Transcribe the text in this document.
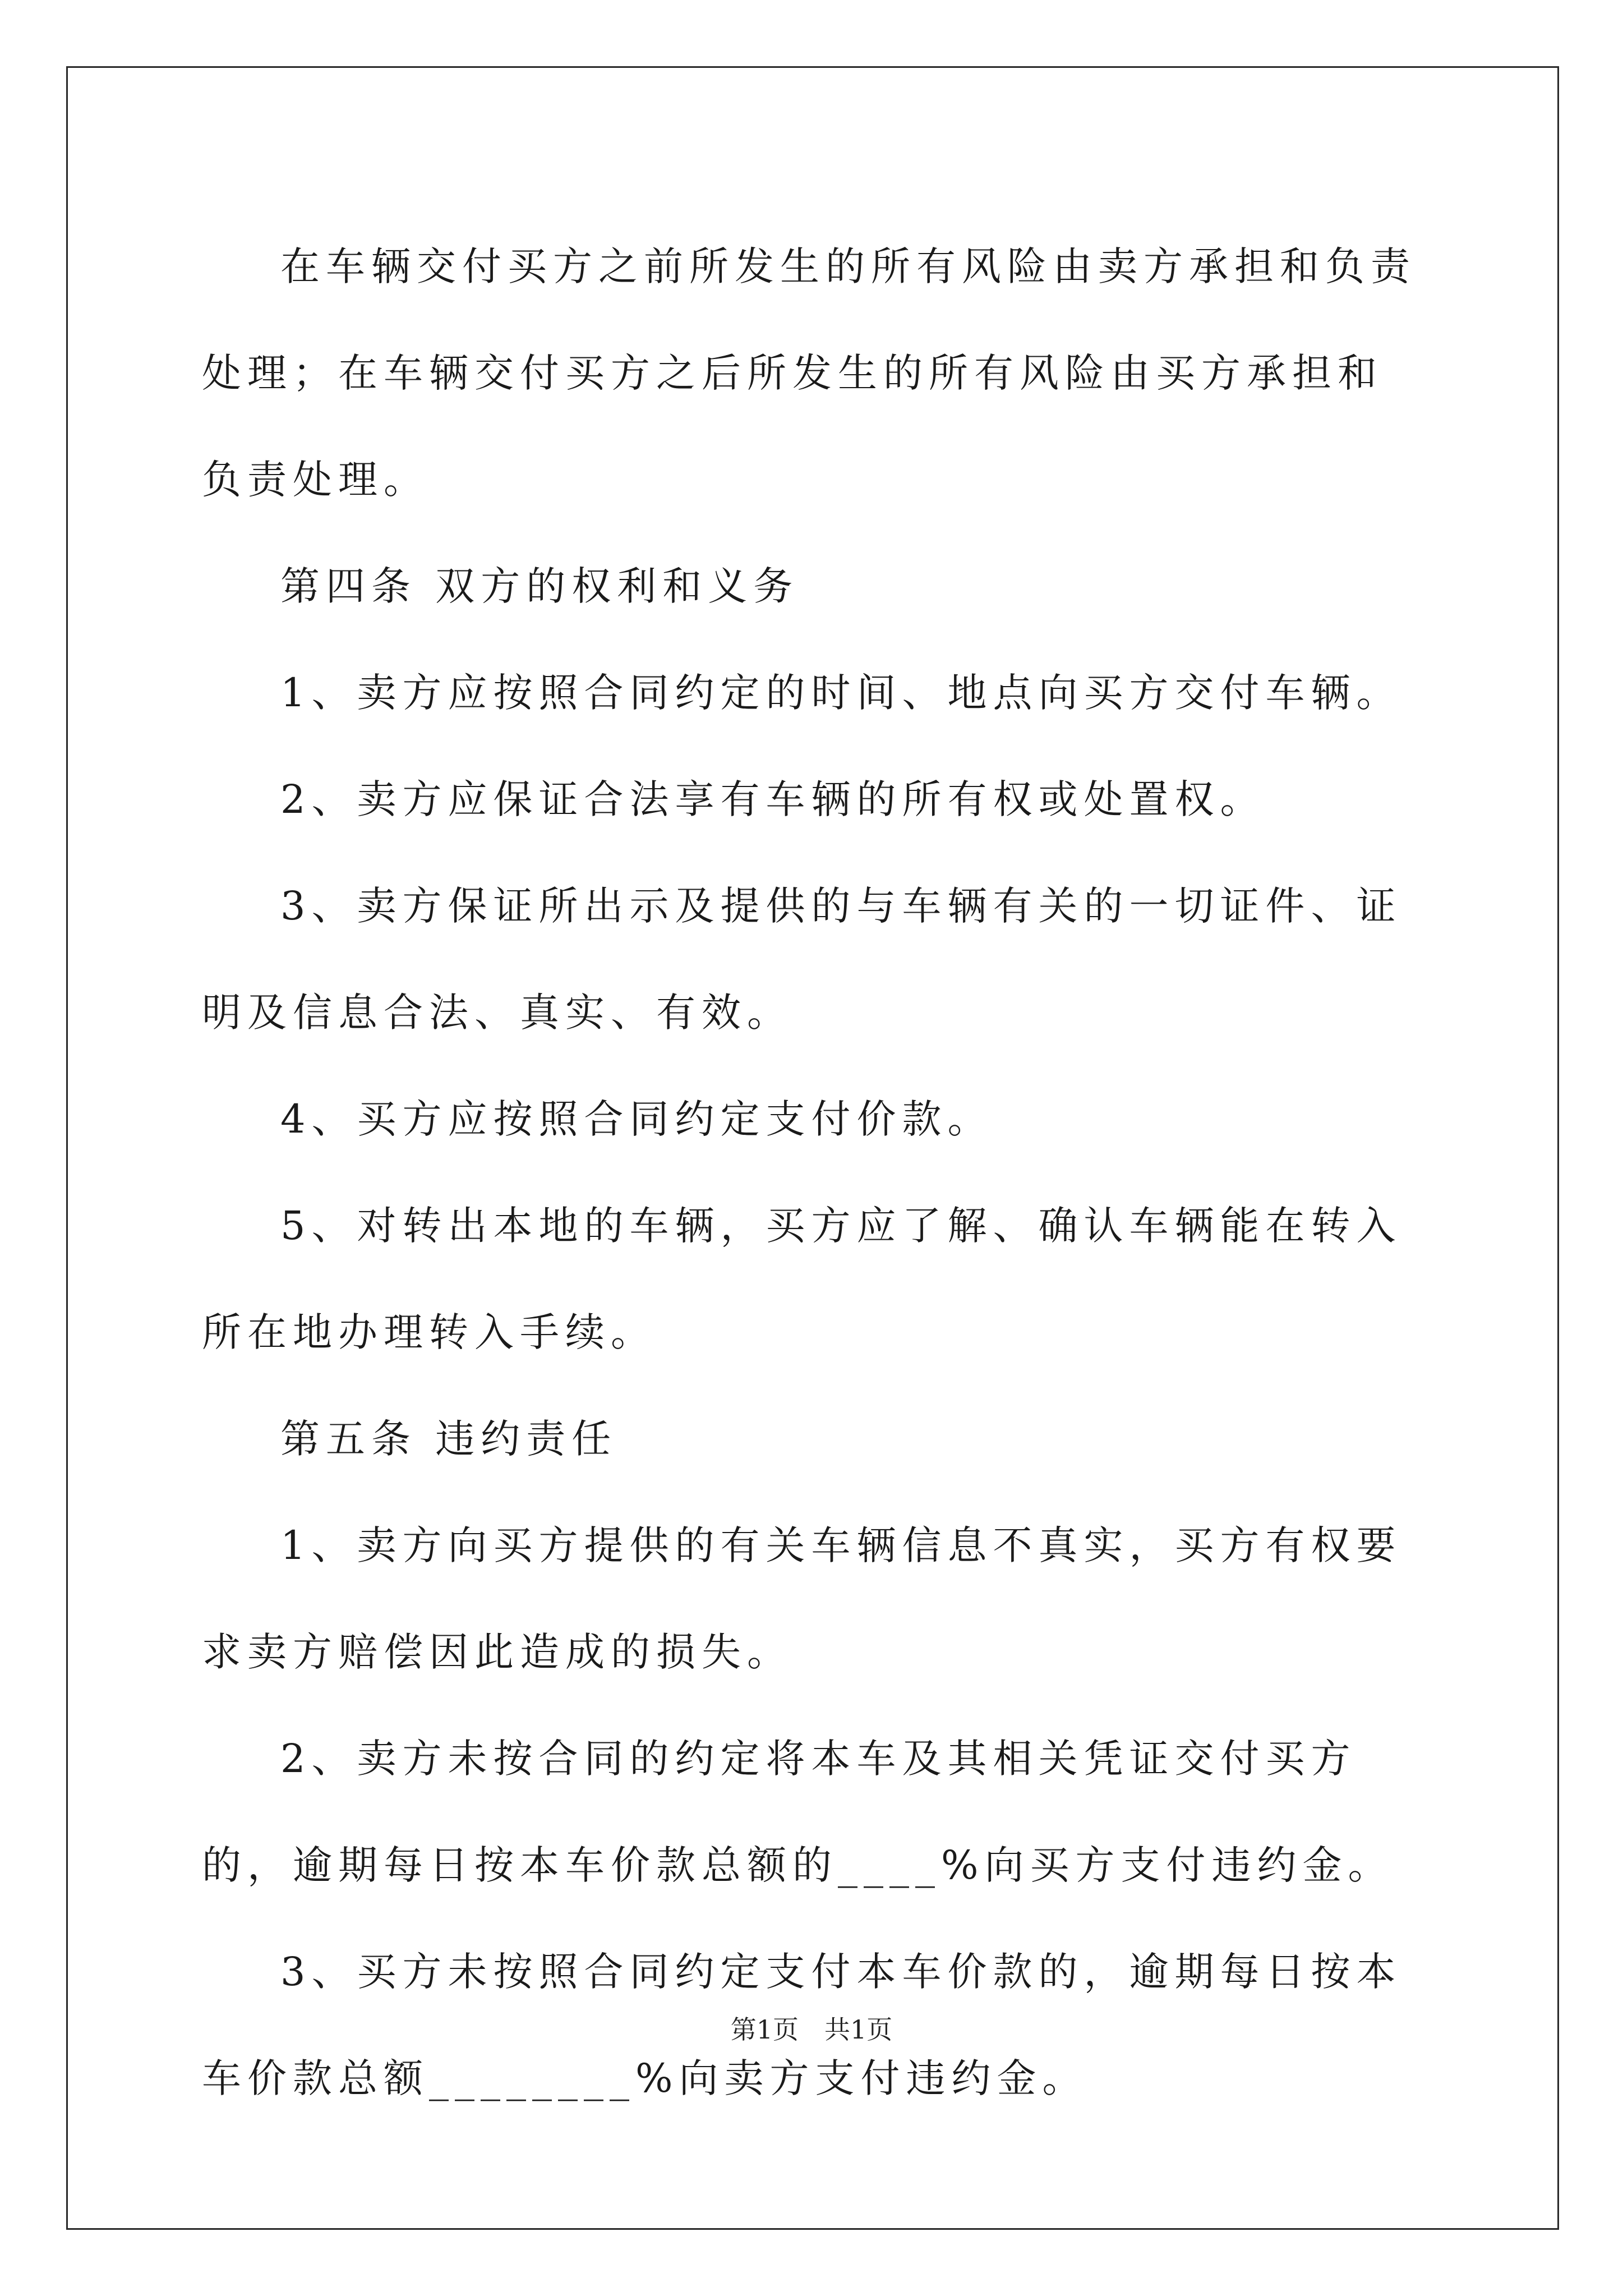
在车辆交付买方之前所发生的所有风险由卖方承担和负责处理；在车辆交付买方之后所发生的所有风险由买方承担和负责处理。

第四条 双方的权利和义务

1、卖方应按照合同约定的时间、地点向买方交付车辆。

2、卖方应保证合法享有车辆的所有权或处置权。

3、卖方保证所出示及提供的与车辆有关的一切证件、证明及信息合法、真实、有效。

4、买方应按照合同约定支付价款。

5、对转出本地的车辆，买方应了解、确认车辆能在转入所在地办理转入手续。

第五条 违约责任

1、卖方向买方提供的有关车辆信息不真实，买方有权要求卖方赔偿因此造成的损失。

2、卖方未按合同的约定将本车及其相关凭证交付买方的，逾期每日按本车价款总额的____%向买方支付违约金。

3、买方未按照合同约定支付本车价款的，逾期每日按本车价款总额________%向卖方支付违约金。

第1页　共1页
